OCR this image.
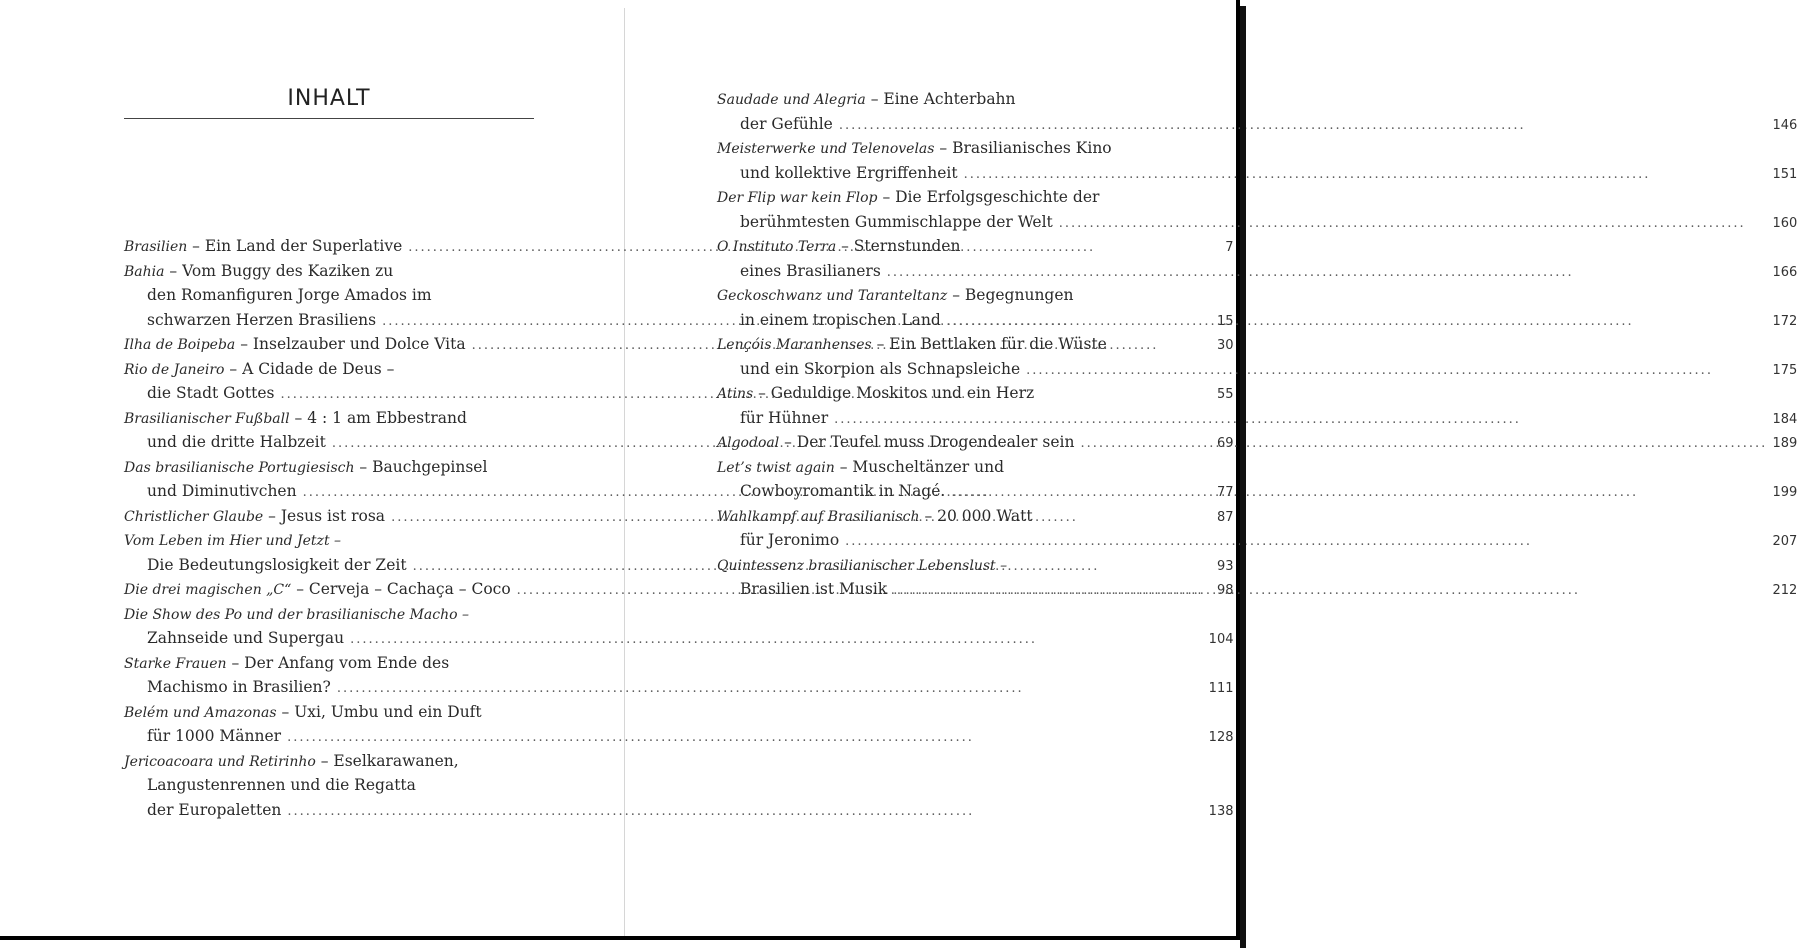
INHALT
Brasilien – Ein Land der Superlative .....	7
Bahia – Vom Buggy des Kaziken zu
den Romanfiguren Jorge Amados im
schwarzen Herzen Brasiliens .....	15
Ilha de Boipeba – Inselzauber und Dolce Vita .....	30
Rio de Janeiro – A Cidade de Deus –
die Stadt Gottes .....	55
Brasilianischer Fußball – 4 : 1 am Ebbestrand
und die dritte Halbzeit .....	69
Das brasilianische Portugiesisch – Bauchgepinsel
und Diminutivchen .....	77
Christlicher Glaube – Jesus ist rosa .....	87
Vom Leben im Hier und Jetzt –
Die Bedeutungslosigkeit der Zeit .....	93
Die drei magischen „C“ – Cerveja – Cachaça – Coco .....	98
Die Show des Po und der brasilianische Macho –
Zahnseide und Supergau .....	104
Starke Frauen – Der Anfang vom Ende des
Machismo in Brasilien? .....	111
Belém und Amazonas – Uxi, Umbu und ein Duft
für 1000 Männer .....	128
Jericoacoara und Retirinho – Eselkarawanen,
Langustenrennen und die Regatta
der Europaletten .....	138
Saudade und Alegria – Eine Achterbahn
der Gefühle .....	146
Meisterwerke und Telenovelas – Brasilianisches Kino
und kollektive Ergriffenheit .....	151
Der Flip war kein Flop – Die Erfolgsgeschichte der
berühmtesten Gummischlappe der Welt .....	160
O Instituto Terra – Sternstunden
eines Brasilianers .....	166
Geckoschwanz und Taranteltanz – Begegnungen
in einem tropischen Land .....	172
Lençóis Maranhenses – Ein Bettlaken für die Wüste
und ein Skorpion als Schnapsleiche .....	175
Atins – Geduldige Moskitos und ein Herz
für Hühner .....	184
Algodoal – Der Teufel muss Drogendealer sein .....	189
Let’s twist again – Muscheltänzer und
Cowboyromantik in Nagé. .....	199
Wahlkampf auf Brasilianisch – 20 000 Watt
für Jeronimo .....	207
Quintessenz brasilianischer Lebenslust –
Brasilien ist Musik .....	212
